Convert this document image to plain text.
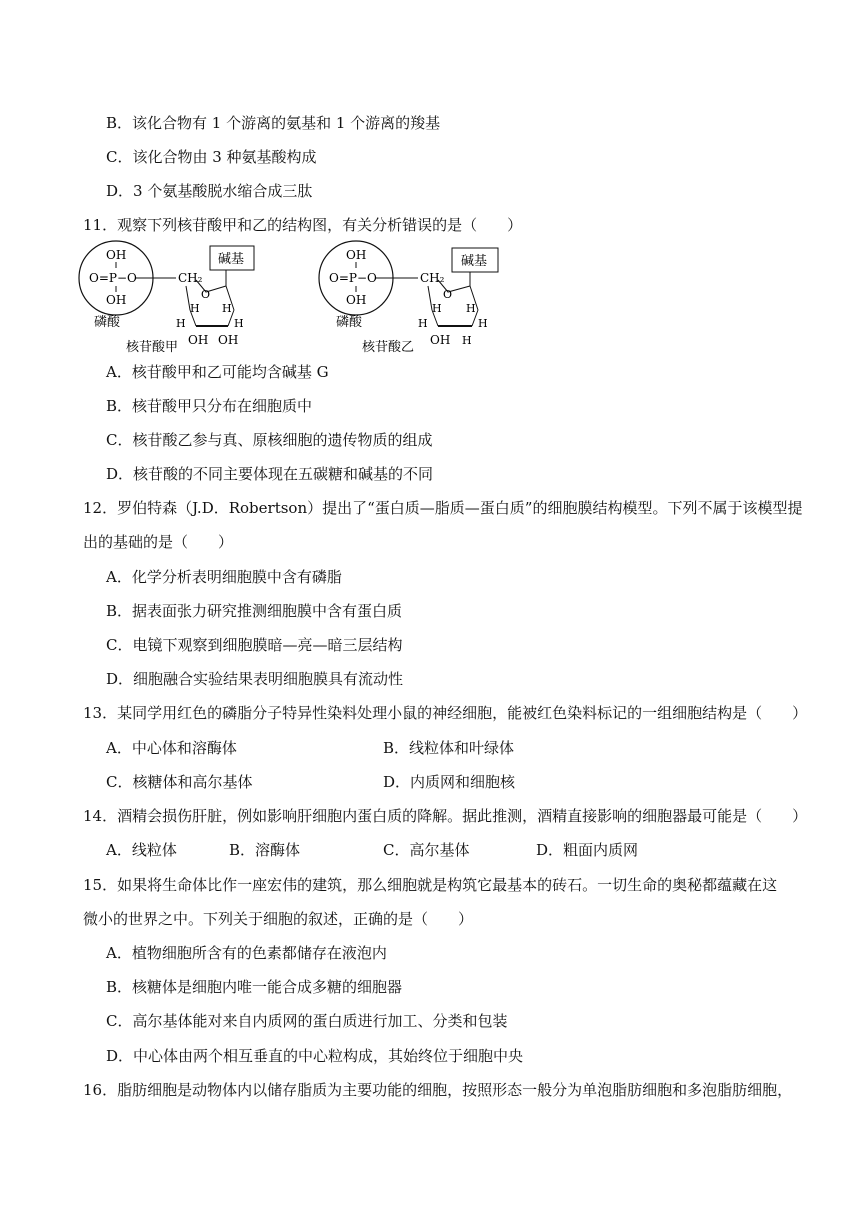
B．该化合物有 1 个游离的氨基和 1 个游离的羧基
C．该化合物由 3 种氨基酸构成
D．3 个氨基酸脱水缩合成三肽
11．观察下列核苷酸甲和乙的结构图，有关分析错误的是（　　）
OH
O=P−O
OH
磷酸
CH₂
O
H H
H	H
OH OH
碱基
核苷酸甲
OH
O=P−O
OH
磷酸
CH₂
O
H H
H	H
OH H
碱基
核苷酸乙
A．核苷酸甲和乙可能均含碱基 G
B．核苷酸甲只分布在细胞质中
C．核苷酸乙参与真、原核细胞的遗传物质的组成
D．核苷酸的不同主要体现在五碳糖和碱基的不同
12．罗伯特森（J.D．Robertson）提出了“蛋白质—脂质—蛋白质”的细胞膜结构模型。下列不属于该模型提
出的基础的是（　　）
A．化学分析表明细胞膜中含有磷脂
B．据表面张力研究推测细胞膜中含有蛋白质
C．电镜下观察到细胞膜暗—亮—暗三层结构
D．细胞融合实验结果表明细胞膜具有流动性
13．某同学用红色的磷脂分子特异性染料处理小鼠的神经细胞，能被红色染料标记的一组细胞结构是（　　）
A．中心体和溶酶体	B．线粒体和叶绿体
C．核糖体和高尔基体	D．内质网和细胞核
14．酒精会损伤肝脏，例如影响肝细胞内蛋白质的降解。据此推测，酒精直接影响的细胞器最可能是（　　）
A．线粒体	B．溶酶体	C．高尔基体	D．粗面内质网
15．如果将生命体比作一座宏伟的建筑，那么细胞就是构筑它最基本的砖石。一切生命的奥秘都蕴藏在这
微小的世界之中。下列关于细胞的叙述，正确的是（　　）
A．植物细胞所含有的色素都储存在液泡内
B．核糖体是细胞内唯一能合成多糖的细胞器
C．高尔基体能对来自内质网的蛋白质进行加工、分类和包装
D．中心体由两个相互垂直的中心粒构成，其始终位于细胞中央
16．脂肪细胞是动物体内以储存脂质为主要功能的细胞，按照形态一般分为单泡脂肪细胞和多泡脂肪细胞，
